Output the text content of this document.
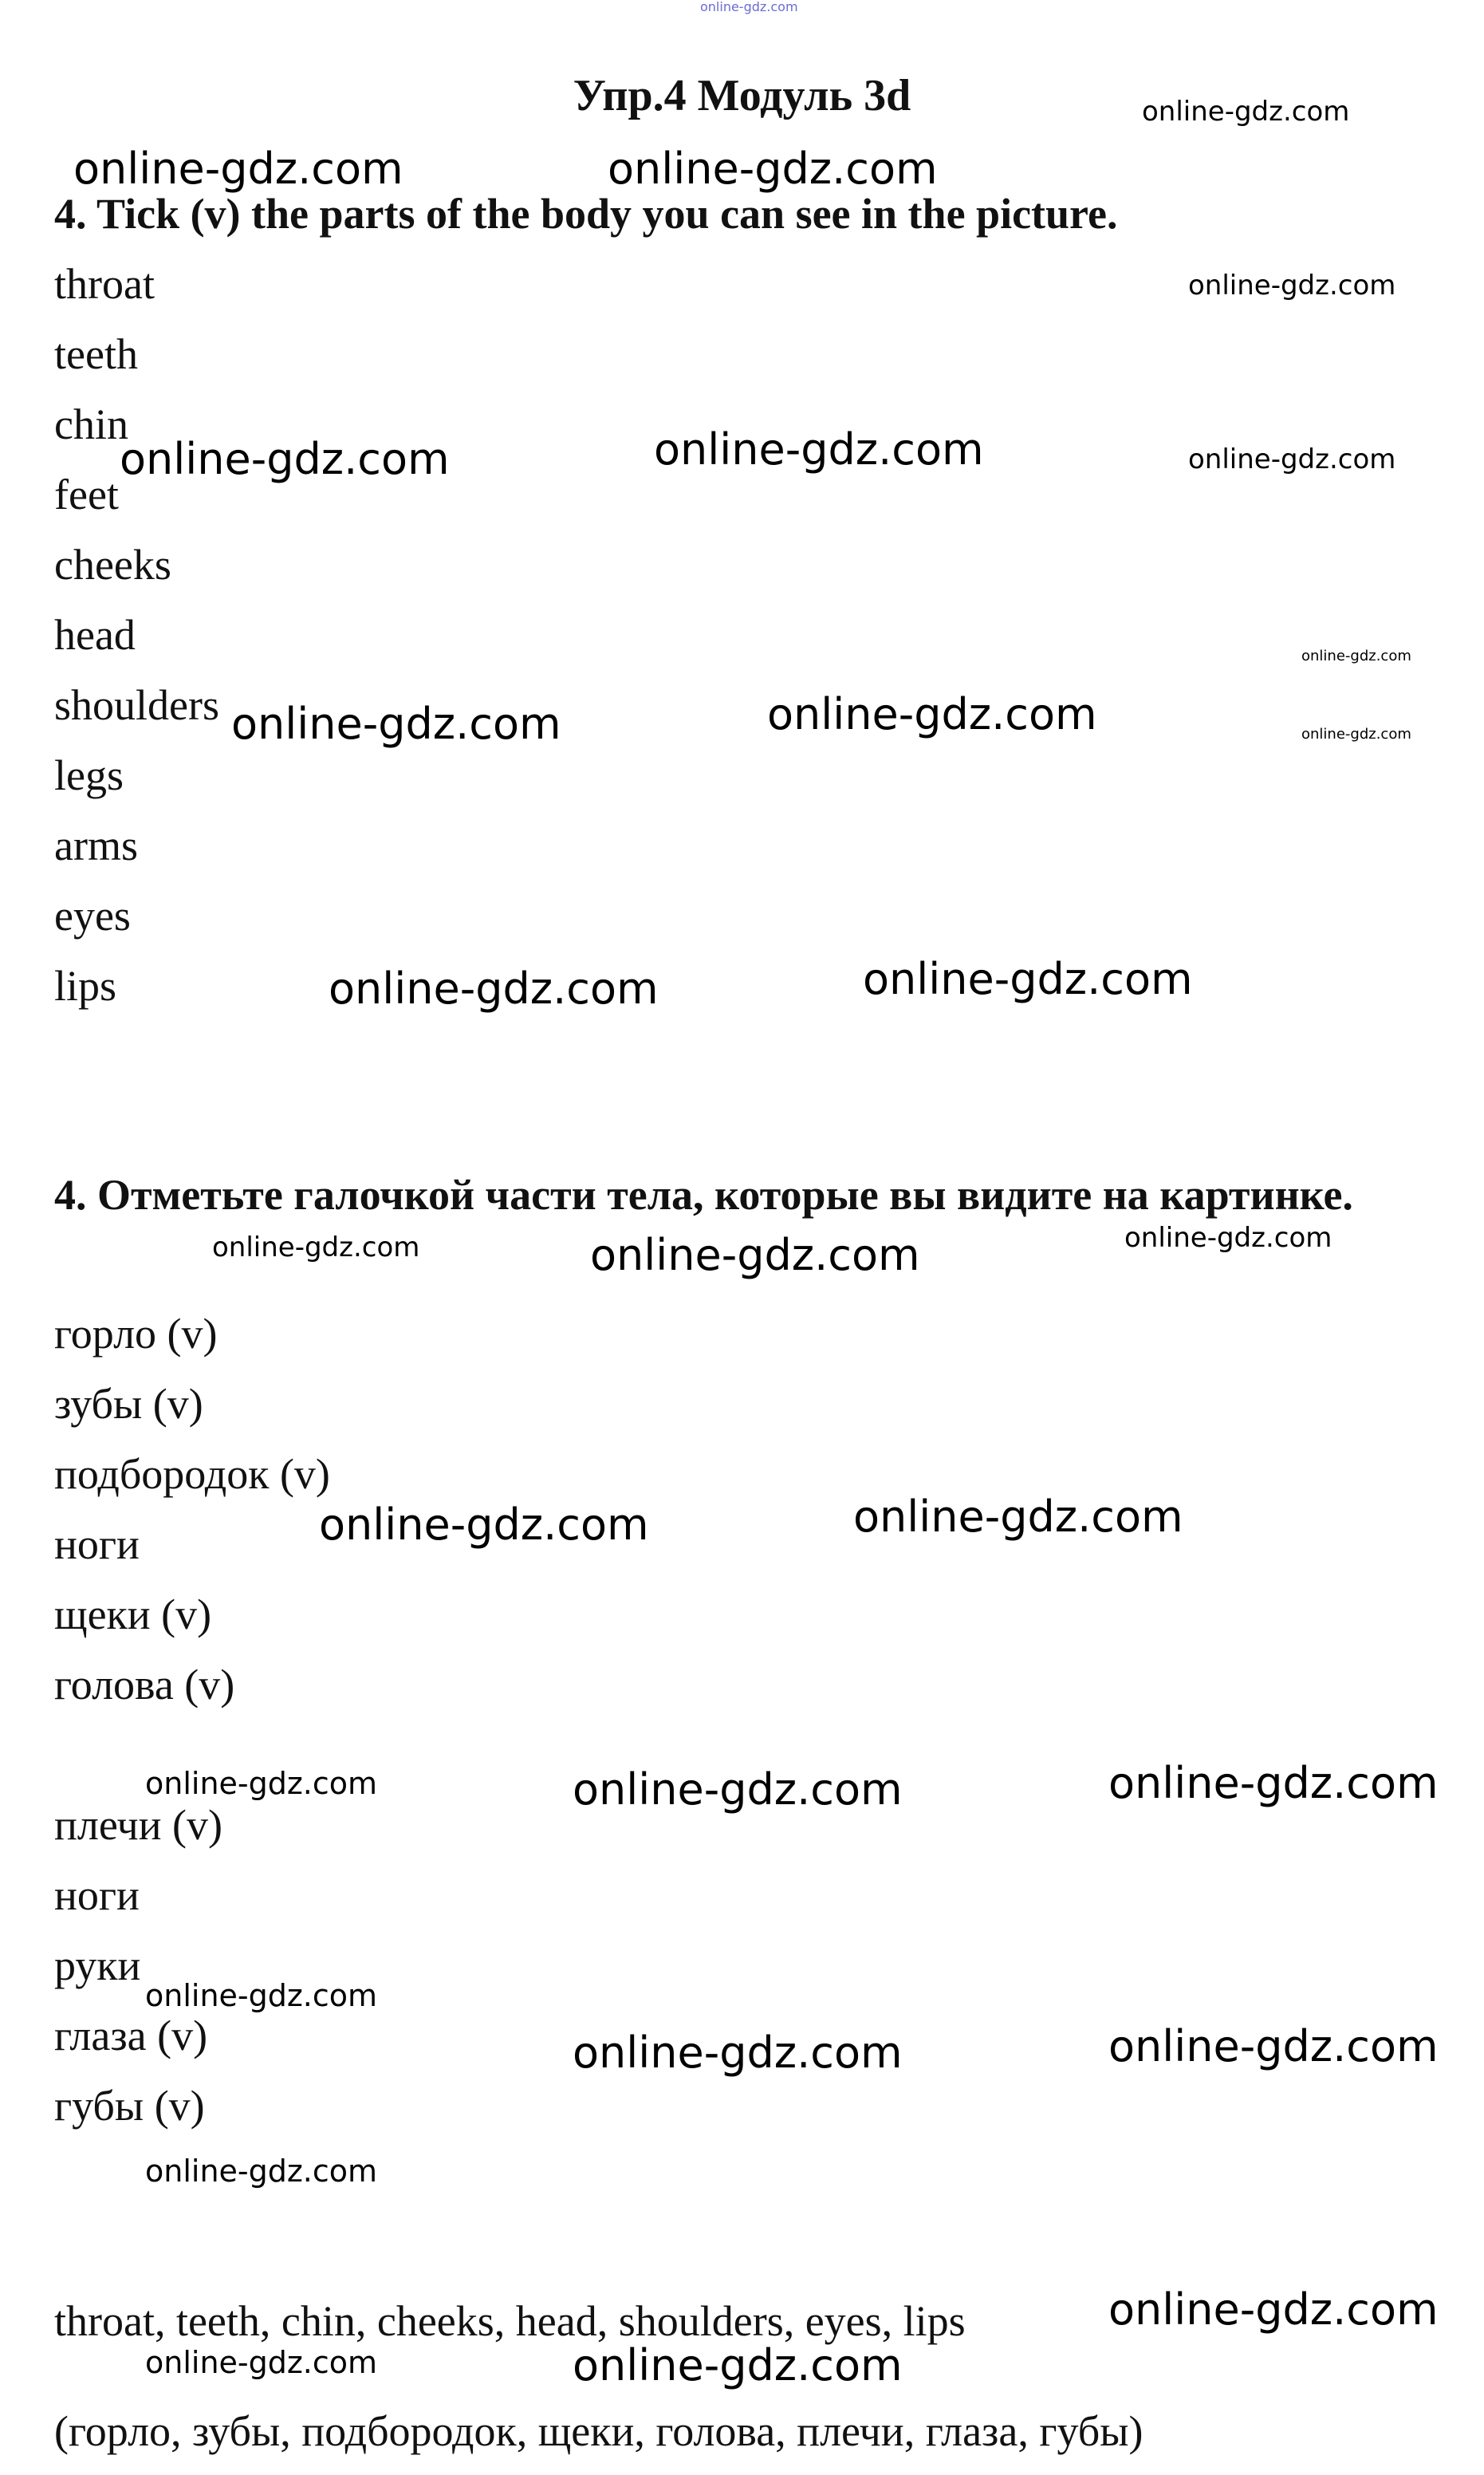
online-gdz.com
Упр.4 Модуль 3d
4. Tick (v) the parts of the body you can see in the picture.
throat
teeth
chin
feet
cheeks
head
shoulders
legs
arms
eyes
lips
4. Отметьте галочкой части тела, которые вы видите на картинке.
горло (v)
зубы (v)
подбородок (v)
ноги
щеки (v)
голова (v)
плечи (v)
ноги
руки
глаза (v)
губы (v)
throat, teeth, chin, cheeks, head, shoulders, eyes, lips
(горло, зубы, подбородок, щеки, голова, плечи, глаза, губы)
online-gdz.com
online-gdz.com	online-gdz.com
online-gdz.com
online-gdz.com	online-gdz.com	online-gdz.com
online-gdz.com
online-gdz.com	online-gdz.com	online-gdz.com
online-gdz.com	online-gdz.com
online-gdz.com	online-gdz.com
online-gdz.com
online-gdz.com	online-gdz.com
online-gdz.com	online-gdz.com	online-gdz.com
online-gdz.com
online-gdz.com	online-gdz.com
online-gdz.com
online-gdz.com
online-gdz.com	online-gdz.com
